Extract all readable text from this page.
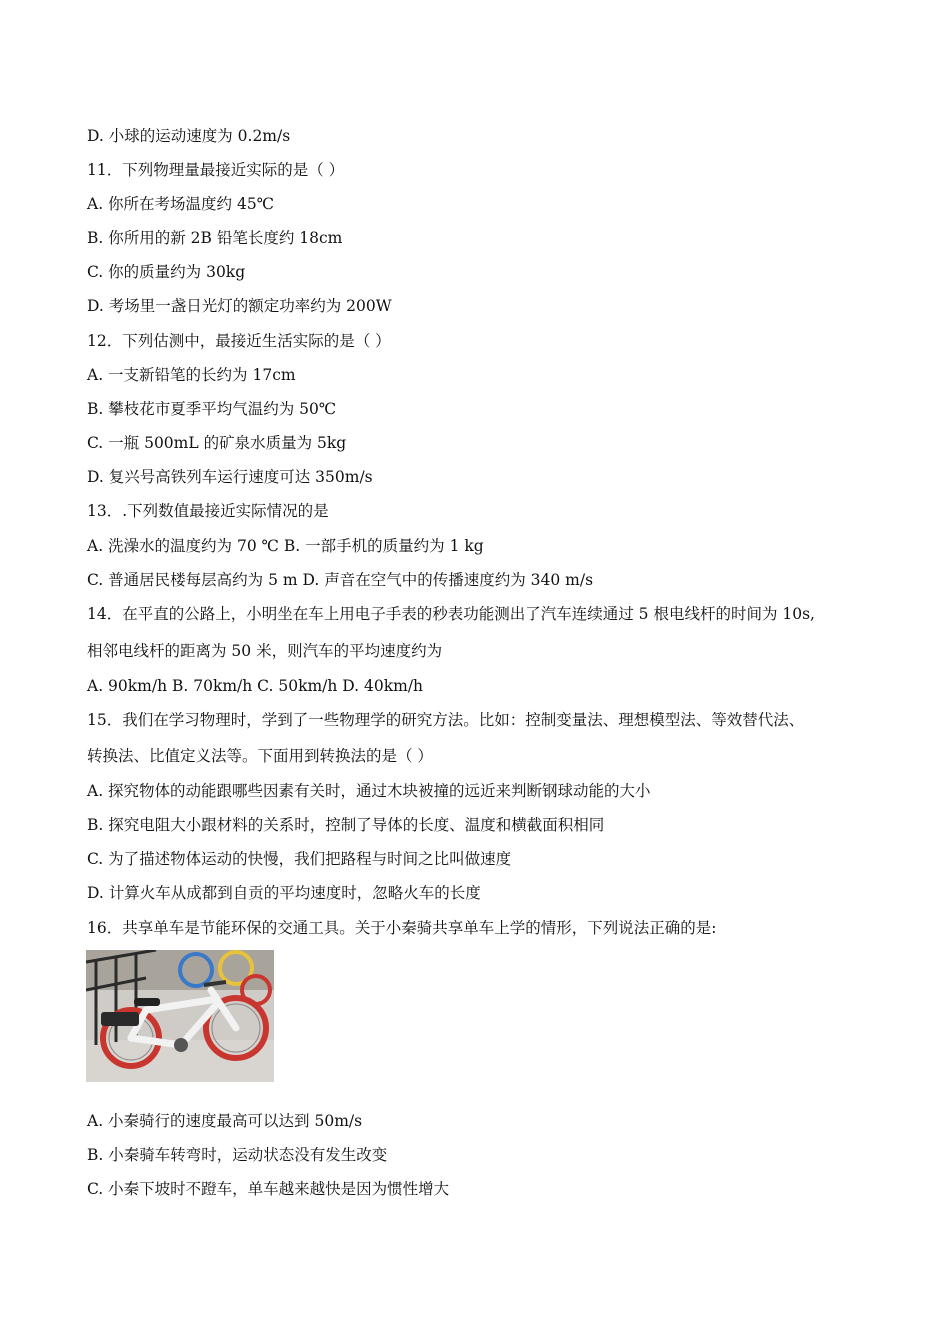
D. 小球的运动速度为 0.2m/s
11．下列物理量最接近实际的是（ ）
A. 你所在考场温度约 45℃
B. 你所用的新 2B 铅笔长度约 18cm
C. 你的质量约为 30kg
D. 考场里一盏日光灯的额定功率约为 200W
12．下列估测中，最接近生活实际的是（ ）
A. 一支新铅笔的长约为 17cm
B. 攀枝花市夏季平均气温约为 50℃
C. 一瓶 500mL 的矿泉水质量为 5kg
D. 复兴号高铁列车运行速度可达 350m/s
13．.下列数值最接近实际情况的是
A. 洗澡水的温度约为 70 ℃ B. 一部手机的质量约为 1 kg
C. 普通居民楼每层高约为 5 m D. 声音在空气中的传播速度约为 340 m/s
14．在平直的公路上，小明坐在车上用电子手表的秒表功能测出了汽车连续通过 5 根电线杆的时间为 10s,
相邻电线杆的距离为 50 米，则汽车的平均速度约为
A. 90km/h B. 70km/h C. 50km/h D. 40km/h
15．我们在学习物理时，学到了一些物理学的研究方法。比如：控制变量法、理想模型法、等效替代法、
转换法、比值定义法等。下面用到转换法的是（ ）
A. 探究物体的动能跟哪些因素有关时，通过木块被撞的远近来判断钢球动能的大小
B. 探究电阻大小跟材料的关系时，控制了导体的长度、温度和横截面积相同
C. 为了描述物体运动的快慢，我们把路程与时间之比叫做速度
D. 计算火车从成都到自贡的平均速度时，忽略火车的长度
16．共享单车是节能环保的交通工具。关于小秦骑共享单车上学的情形，下列说法正确的是:
A. 小秦骑行的速度最高可以达到 50m/s
B. 小秦骑车转弯时，运动状态没有发生改变
C. 小秦下坡时不蹬车，单车越来越快是因为惯性增大
